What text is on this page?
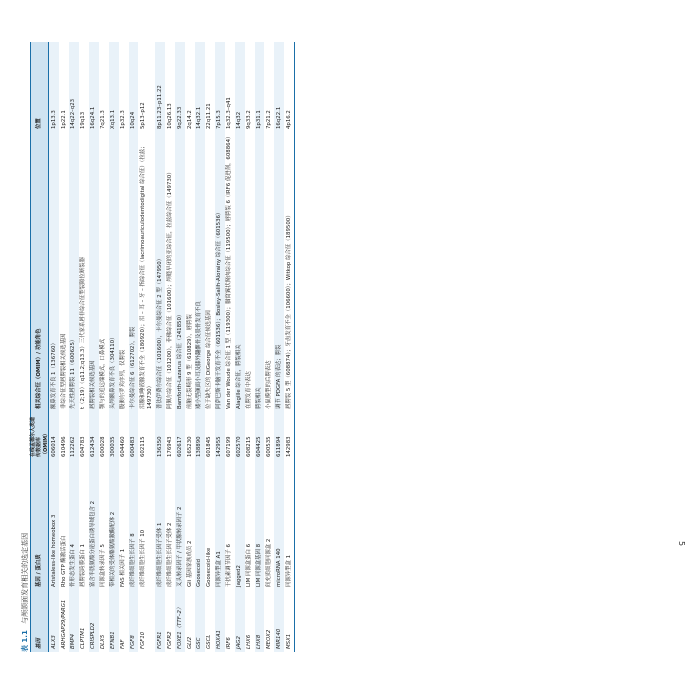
表 1.1 与颅颌面发育相关的选定基因
基因
基因 / 蛋白质
在线孟德尔人类遗传数据库（OMIM）
相关综合征（OMIM）/ 功能角色
位置
ALX3
Aristaless-like homeobox 3
606014
额鼻发育不良 1（136760）
1p13.3
ARHGAP29/PARG1
Rho GTP 酶激活蛋白
610496
非综合征型唇腭裂相关候选基因
1p22.1
BMP4
骨形态发生蛋白 4
112262
先天性唇腭裂 11（600625）
14q22–q23
CLPTM1
唇腭裂跨膜蛋白 1
604783
t（2;19）（q11.2;q13.3）三代家系唇非综合征型裂隙位断裂器
19q13
CRISPLD2
富含半胱氨酸分泌蛋白诱导域包含 2
612434
唇腭裂相关候选基因
16q24.1
DLX5
同源盒转录因子 5
600028
颚与的近远端模式，口鼻模式
7q21.3
EFNB1
带相关的受体酪氨酸激酶配体 2
300035
头颅额鼻发育不良（304110）
Xq13.1
FAF
FAS 相关因子 1
604460
腹侧尔罗宾序列，仅腭裂
1p32.3
FGF8
成纤维细胞生长因子 8
600483
卡尔曼综合征 6（612702），腭裂
10q24
FGF10
成纤维细胞生长因子 10
602115
泪腺和唾液腺发育不全（180920）；泪 – 耳 – 牙 – 指综合征（lacrimoauriculodentodigital 综合征）（拉兹；149730）
5p13–p12
FGFR1
成纤维细胞生长因子受体 1
136350
普法伊费尔综合征（101600），卡尔曼综合征 2 型（147950）
8p11.23–p11.22
FGFR2
成纤维细胞生长因子受体 2
176943
阿佩尔综合征（101200），菲佛综合征（101600）；颅缝早闭的亚综合征，拉兹综合征（149730）
10q26.13
FOXE1（TTF–2）
叉头转录因子 / 甲状腺转录因子 2
602617
Bamforth-Lazarus 综合征（241850）
9q22.33
GLI2
Gli 基因家族成员 2
165230
前脑无裂畸形 9 型（610829），唇腭裂
2q14.2
GSC
Goosecoid
138890
矮小型颜面小耳及膝外翻髌骨及股骨发育不良
14q32.1
GSCL
Goosecoid-like
601845
位于缺失区的 DiGeorge 综合征候选基因
22q11.21
HOXA1
同源异型盒 A1
142955
阿萨巴斯卡脑干发育不全（601536）；Bosley-Salih-Alorainy 综合征（601536）
7p15.3
IRF6
干扰素调节因子 6
607199
Van der Woude 综合征 1 型（119300）；腘窝翼状胬肉综合征（119500）；唇腭裂 6（IRF6 促进剂，608864）
1q32.3–q41
JAG2
Jagged2
602570
Alagille 综合征，腭裂相关
14q32
LHX6
LIM 同源盒蛋白 6
608215
在腭发育中表达
9q33.2
LHX8
LIM 同源盒基因 8
604425
腭裂相关
1p31.1
MEOX2
间充质细胞同源盒 2
600535
小鼠模型的后腭表达
7p21.2
MIR140
microRNA 140
611894
调节 PDGFA 的表达；腭裂
16q22.1
MSX1
同源异型盒 1
142983
唇腭裂 5 型（608874）；牙齿发育不全（106600）；Witkop 综合征（189500）
4p16.2
5
